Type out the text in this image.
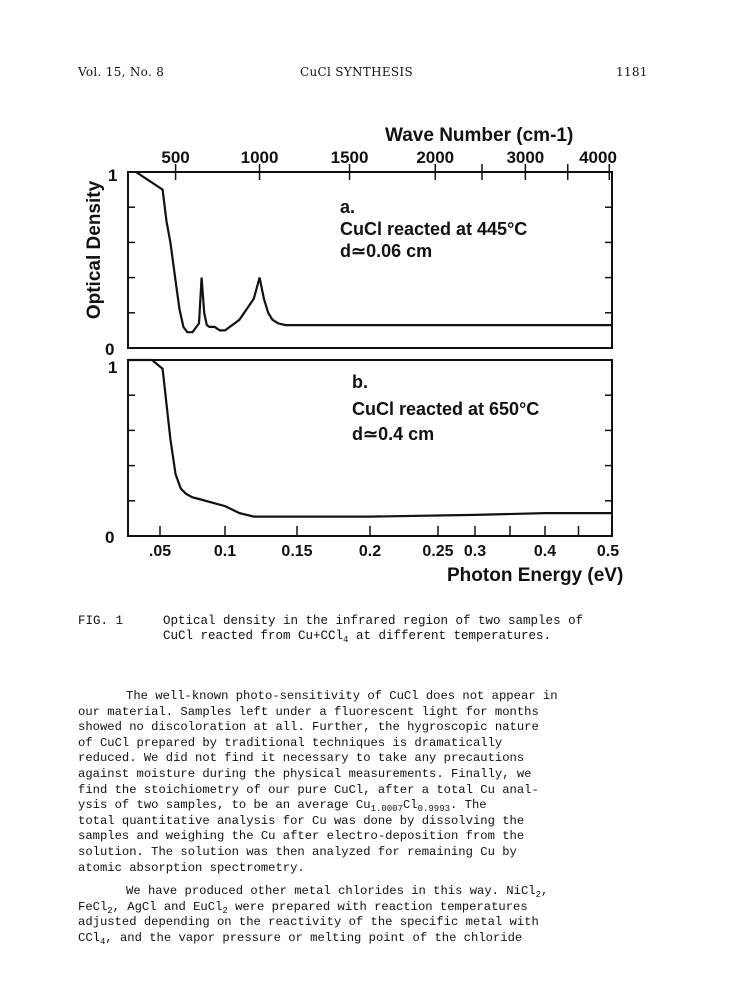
Vol. 15, No. 8	CuCl SYNTHESIS	1181
Wave Number (cm-1)
500	1000	1500	2000	3000 4000
Optical Density
1
0
a.
CuCl reacted at 445°C
d≃0.06 cm
1
0
b.
CuCl reacted at 650°C
d≃0.4 cm
.05	0.1	0.15	0.2	0.25 0.3	0.4	0.5
Photon Energy (eV)
FIG. 1	Optical density in the infrared region of two samples of
CuCl reacted from Cu+CCl$_4$ at different temperatures.

The well-known photo-sensitivity of CuCl does not appear in
our material. Samples left under a fluorescent light for months
showed no discoloration at all. Further, the hygroscopic nature
of CuCl prepared by traditional techniques is dramatically
reduced. We did not find it necessary to take any precautions
against moisture during the physical measurements. Finally, we
find the stoichiometry of our pure CuCl, after a total Cu anal-
ysis of two samples, to be an average $Cu_{1.0007}Cl_{0.9993}$. The
total quantitative analysis for Cu was done by dissolving the
samples and weighing the Cu after electro-deposition from the
solution. The solution was then analyzed for remaining Cu by
atomic absorption spectrometry.

We have produced other metal chlorides in this way. NiCl$_2$,
FeCl$_2$, AgCl and EuCl$_2$ were prepared with reaction temperatures
adjusted depending on the reactivity of the specific metal with
CCl$_4$, and the vapor pressure or melting point of the chloride
